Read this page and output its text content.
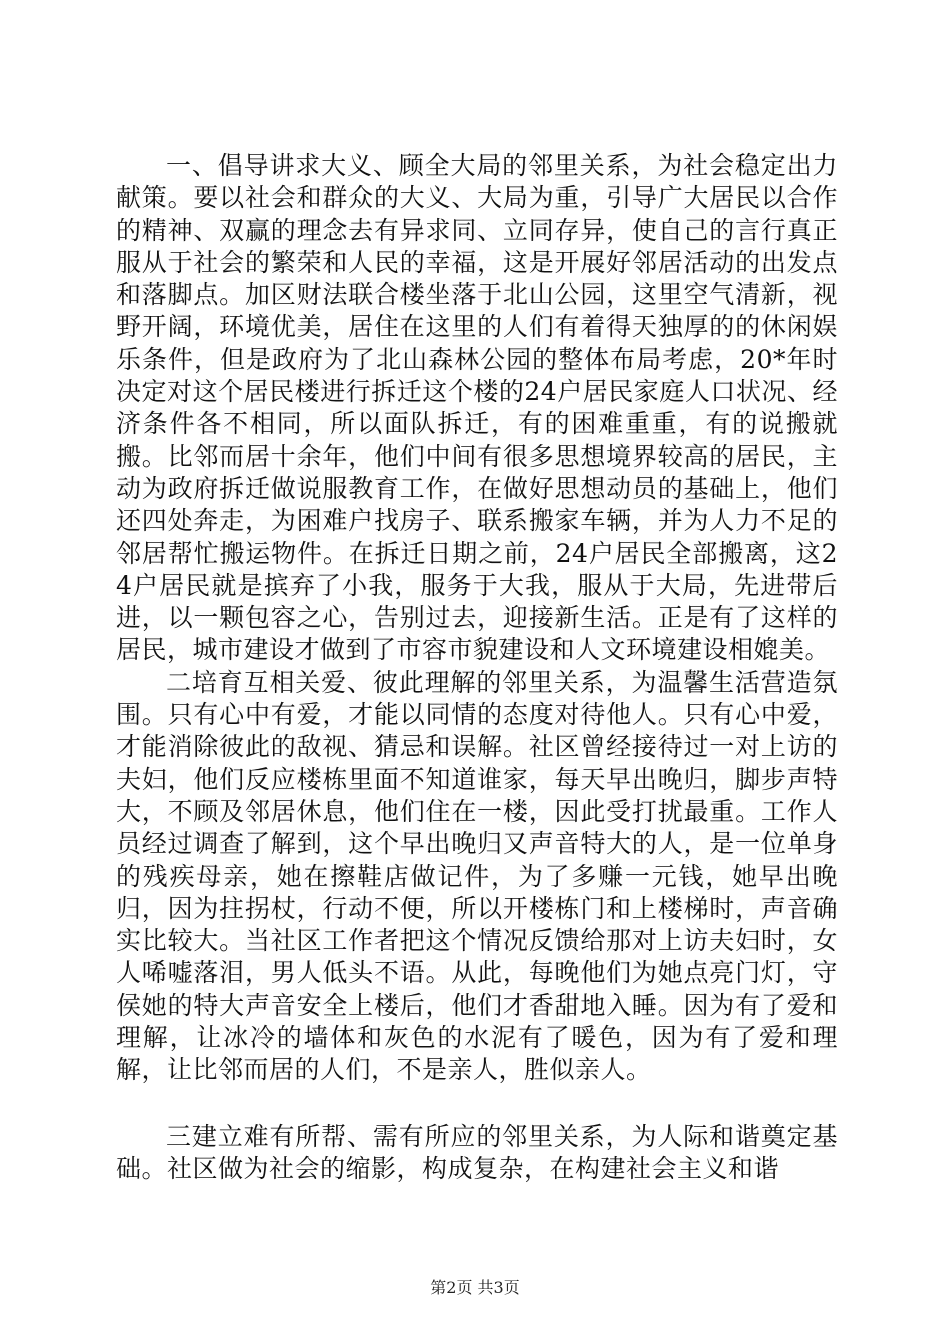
一、倡导讲求大义、顾全大局的邻里关系，为社会稳定出力献策。要以社会和群众的大义、大局为重，引导广大居民以合作的精神、双赢的理念去有异求同、立同存异，使自己的言行真正服从于社会的繁荣和人民的幸福，这是开展好邻居活动的出发点和落脚点。加区财法联合楼坐落于北山公园，这里空气清新，视野开阔，环境优美，居住在这里的人们有着得天独厚的的休闲娱乐条件，但是政府为了北山森林公园的整体布局考虑，20*年时决定对这个居民楼进行拆迁这个楼的24户居民家庭人口状况、经济条件各不相同，所以面队拆迁，有的困难重重，有的说搬就搬。比邻而居十余年，他们中间有很多思想境界较高的居民，主动为政府拆迁做说服教育工作，在做好思想动员的基础上，他们还四处奔走，为困难户找房子、联系搬家车辆，并为人力不足的邻居帮忙搬运物件。在拆迁日期之前，24户居民全部搬离，这24户居民就是摈弃了小我，服务于大我，服从于大局，先进带后进，以一颗包容之心，告别过去，迎接新生活。正是有了这样的居民，城市建设才做到了市容市貌建设和人文环境建设相媲美。

二培育互相关爱、彼此理解的邻里关系，为温馨生活营造氛围。只有心中有爱，才能以同情的态度对待他人。只有心中爱，才能消除彼此的敌视、猜忌和误解。社区曾经接待过一对上访的夫妇，他们反应楼栋里面不知道谁家，每天早出晚归，脚步声特大，不顾及邻居休息，他们住在一楼，因此受打扰最重。工作人员经过调查了解到，这个早出晚归又声音特大的人，是一位单身的残疾母亲，她在擦鞋店做记件，为了多赚一元钱，她早出晚归，因为拄拐杖，行动不便，所以开楼栋门和上楼梯时，声音确实比较大。当社区工作者把这个情况反馈给那对上访夫妇时，女人唏嘘落泪，男人低头不语。从此，每晚他们为她点亮门灯，守侯她的特大声音安全上楼后，他们才香甜地入睡。因为有了爱和理解，让冰冷的墙体和灰色的水泥有了暖色，因为有了爱和理解，让比邻而居的人们，不是亲人，胜似亲人。

三建立难有所帮、需有所应的邻里关系，为人际和谐奠定基础。社区做为社会的缩影，构成复杂，在构建社会主义和谐

第2页 共3页
